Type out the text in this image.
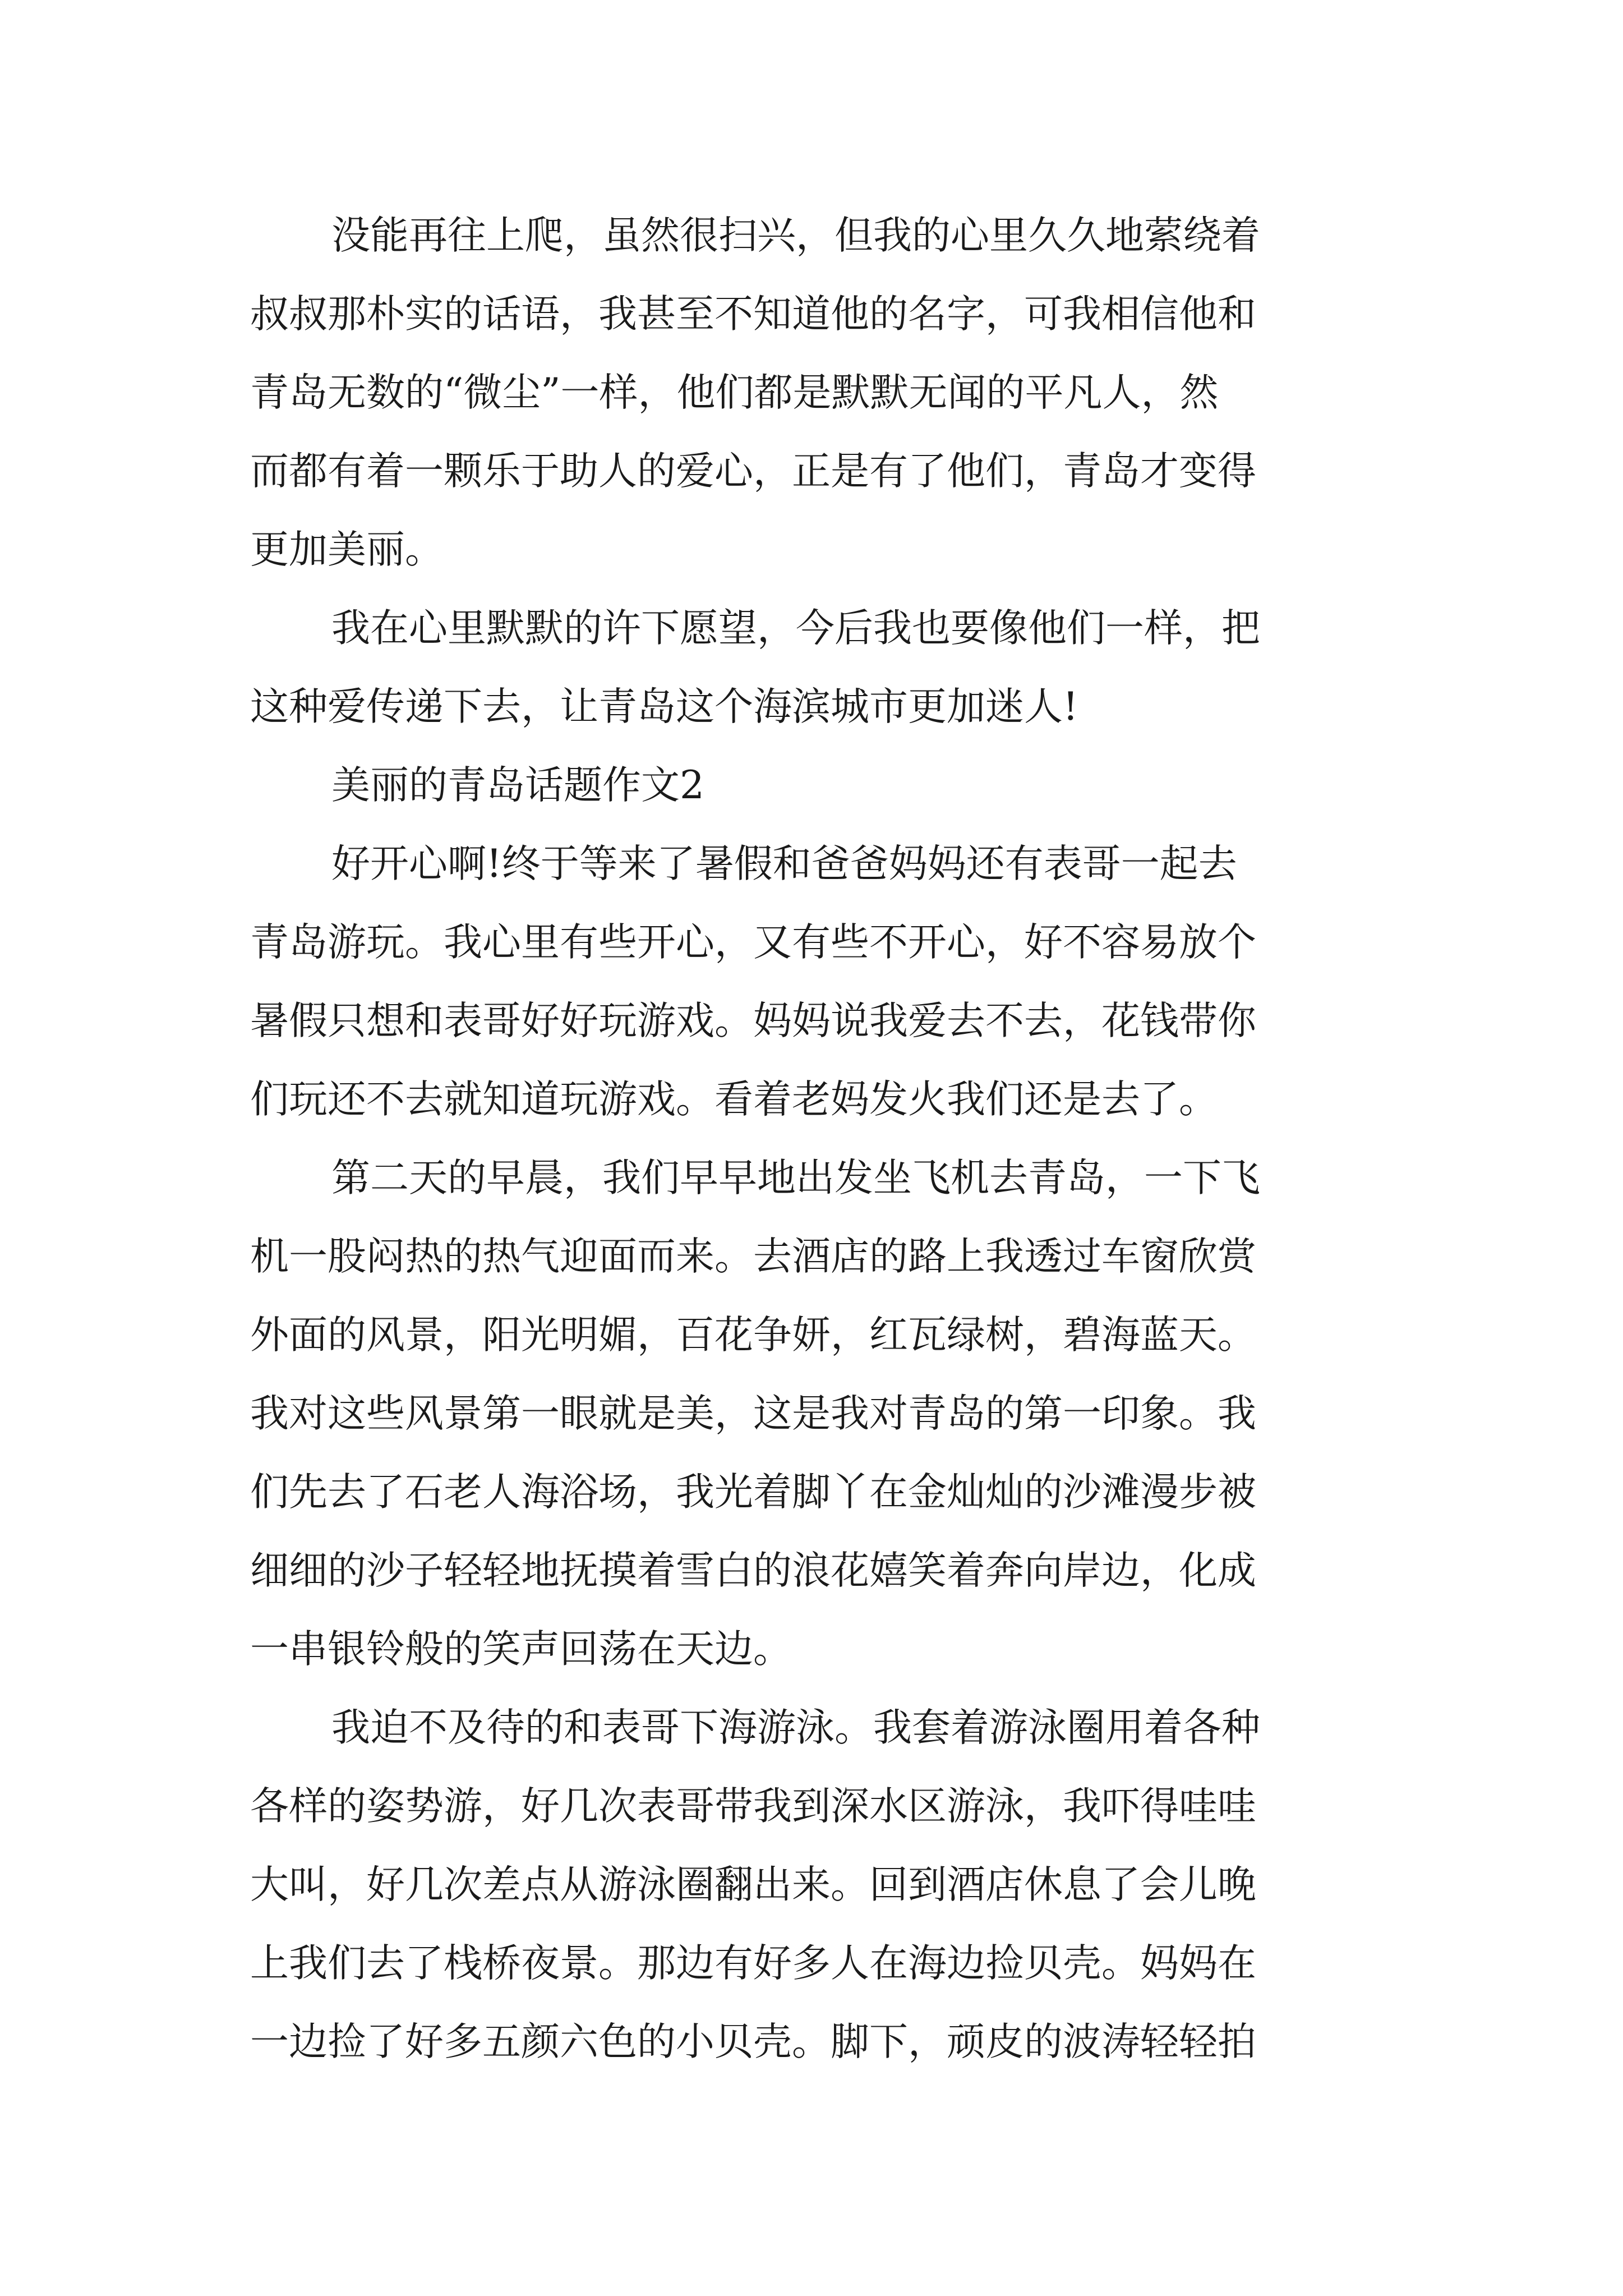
没能再往上爬，虽然很扫兴，但我的心里久久地萦绕着
叔叔那朴实的话语，我甚至不知道他的名字，可我相信他和
青岛无数的“微尘”一样，他们都是默默无闻的平凡人，然
而都有着一颗乐于助人的爱心，正是有了他们，青岛才变得
更加美丽。
我在心里默默的许下愿望，今后我也要像他们一样，把
这种爱传递下去，让青岛这个海滨城市更加迷人!
美丽的青岛话题作文2
好开心啊!终于等来了暑假和爸爸妈妈还有表哥一起去
青岛游玩。我心里有些开心，又有些不开心，好不容易放个
暑假只想和表哥好好玩游戏。妈妈说我爱去不去，花钱带你
们玩还不去就知道玩游戏。看着老妈发火我们还是去了。
第二天的早晨，我们早早地出发坐飞机去青岛，一下飞
机一股闷热的热气迎面而来。去酒店的路上我透过车窗欣赏
外面的风景，阳光明媚，百花争妍，红瓦绿树，碧海蓝天。
我对这些风景第一眼就是美，这是我对青岛的第一印象。我
们先去了石老人海浴场，我光着脚丫在金灿灿的沙滩漫步被
细细的沙子轻轻地抚摸着雪白的浪花嬉笑着奔向岸边，化成
一串银铃般的笑声回荡在天边。
我迫不及待的和表哥下海游泳。我套着游泳圈用着各种
各样的姿势游，好几次表哥带我到深水区游泳，我吓得哇哇
大叫，好几次差点从游泳圈翻出来。回到酒店休息了会儿晚
上我们去了栈桥夜景。那边有好多人在海边捡贝壳。妈妈在
一边捡了好多五颜六色的小贝壳。脚下，顽皮的波涛轻轻拍
